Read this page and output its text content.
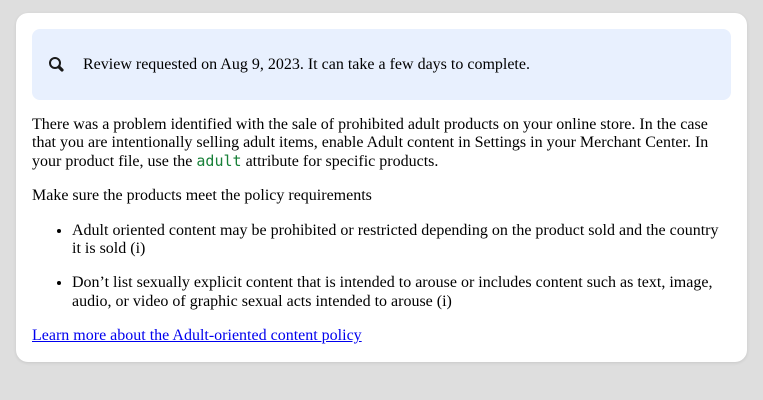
Review requested on Aug 9, 2023. It can take a few days to complete.

There was a problem identified with the sale of prohibited adult products on your online store. In the case that you are intentionally selling adult items, enable Adult content in Settings in your Merchant Center. In your product file, use the adult attribute for specific products.

Make sure the products meet the policy requirements

• Adult oriented content may be prohibited or restricted depending on the product sold and the country it is sold (i)
• Don’t list sexually explicit content that is intended to arouse or includes content such as text, image, audio, or video of graphic sexual acts intended to arouse (i)

Learn more about the Adult-oriented content policy
